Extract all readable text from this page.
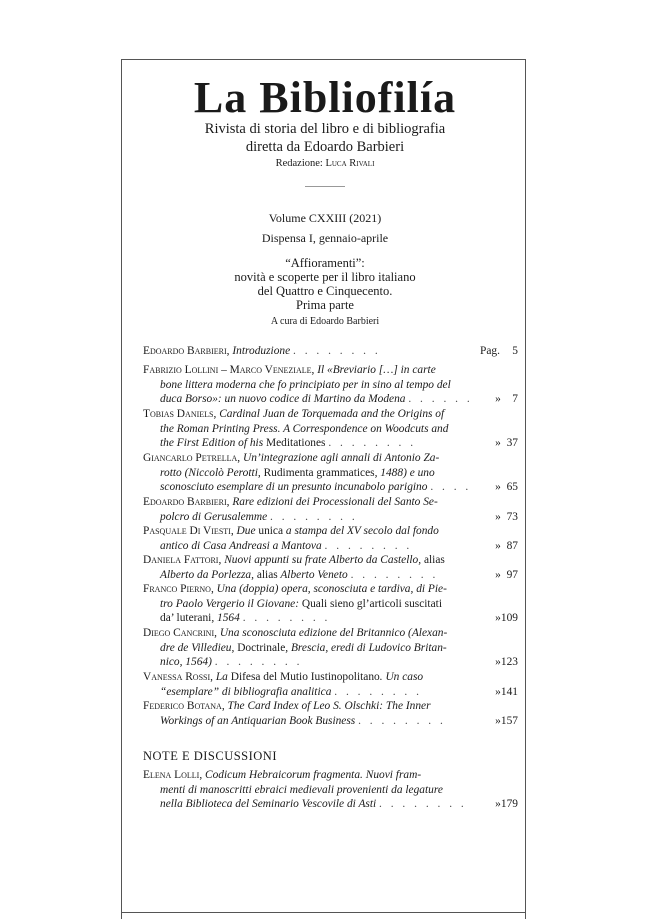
La Bibliofilía
Rivista di storia del libro e di bibliografia
diretta da Edoardo Barbieri
Redazione: Luca Rivali
Volume CXXIII (2021)
Dispensa I, gennaio-aprile
“Affioramenti”:
novità e scoperte per il libro italiano
del Quattro e Cinquecento.
Prima parte
A cura di Edoardo Barbieri
Edoardo Barbieri, Introduzione . . . . . . . .	Pag. 5
Fabrizio Lollini – Marco Veneziale, Il «Breviario […] in carte
bone littera moderna che fo principiato per in sino al tempo del
duca Borso»: un nuovo codice di Martino da Modena . . . . . . » 7
Tobias Daniels, Cardinal Juan de Torquemada and the Origins of
the Roman Printing Press. A Correspondence on Woodcuts and
the First Edition of his Meditationes . . . . . . . .	» 37
Giancarlo Petrella, Un’integrazione agli annali di Antonio Za-
rotto (Niccolò Perotti, Rudimenta grammatices, 1488) e uno
sconosciuto esemplare di un presunto incunabolo parigino . . . . » 65
Edoardo Barbieri, Rare edizioni dei Processionali del Santo Se-
polcro di Gerusalemme . . . . . . . .	» 73
Pasquale Di Viesti, Due unica a stampa del XV secolo dal fondo
antico di Casa Andreasi a Mantova . . . . . . . .	» 87
Daniela Fattori, Nuovi appunti su frate Alberto da Castello, alias
Alberto da Porlezza, alias Alberto Veneto . . . . . . . .	» 97
Franco Pierno, Una (doppia) opera, sconosciuta e tardiva, di Pie-
tro Paolo Vergerio il Giovane: Quali sieno gl’articoli suscitati
da’ luterani, 1564 . . . . . . . .	» 109
Diego Cancrini, Una sconosciuta edizione del Britannico (Alexan-
dre de Villedieu, Doctrinale, Brescia, eredi di Ludovico Britan-
nico, 1564) . . . . . . . .	» 123
Vanessa Rossi, La Difesa del Mutio Iustinopolitano. Un caso
“esemplare” di bibliografia analitica . . . . . . . .	» 141
Federico Botana, The Card Index of Leo S. Olschki: The Inner
Workings of an Antiquarian Book Business . . . . . . . .	» 157
NOTE E DISCUSSIONI
Elena Lolli, Codicum Hebraicorum fragmenta. Nuovi fram-
menti di manoscritti ebraici medievali provenienti da legature
nella Biblioteca del Seminario Vescovile di Asti . . . . . . . . » 179
